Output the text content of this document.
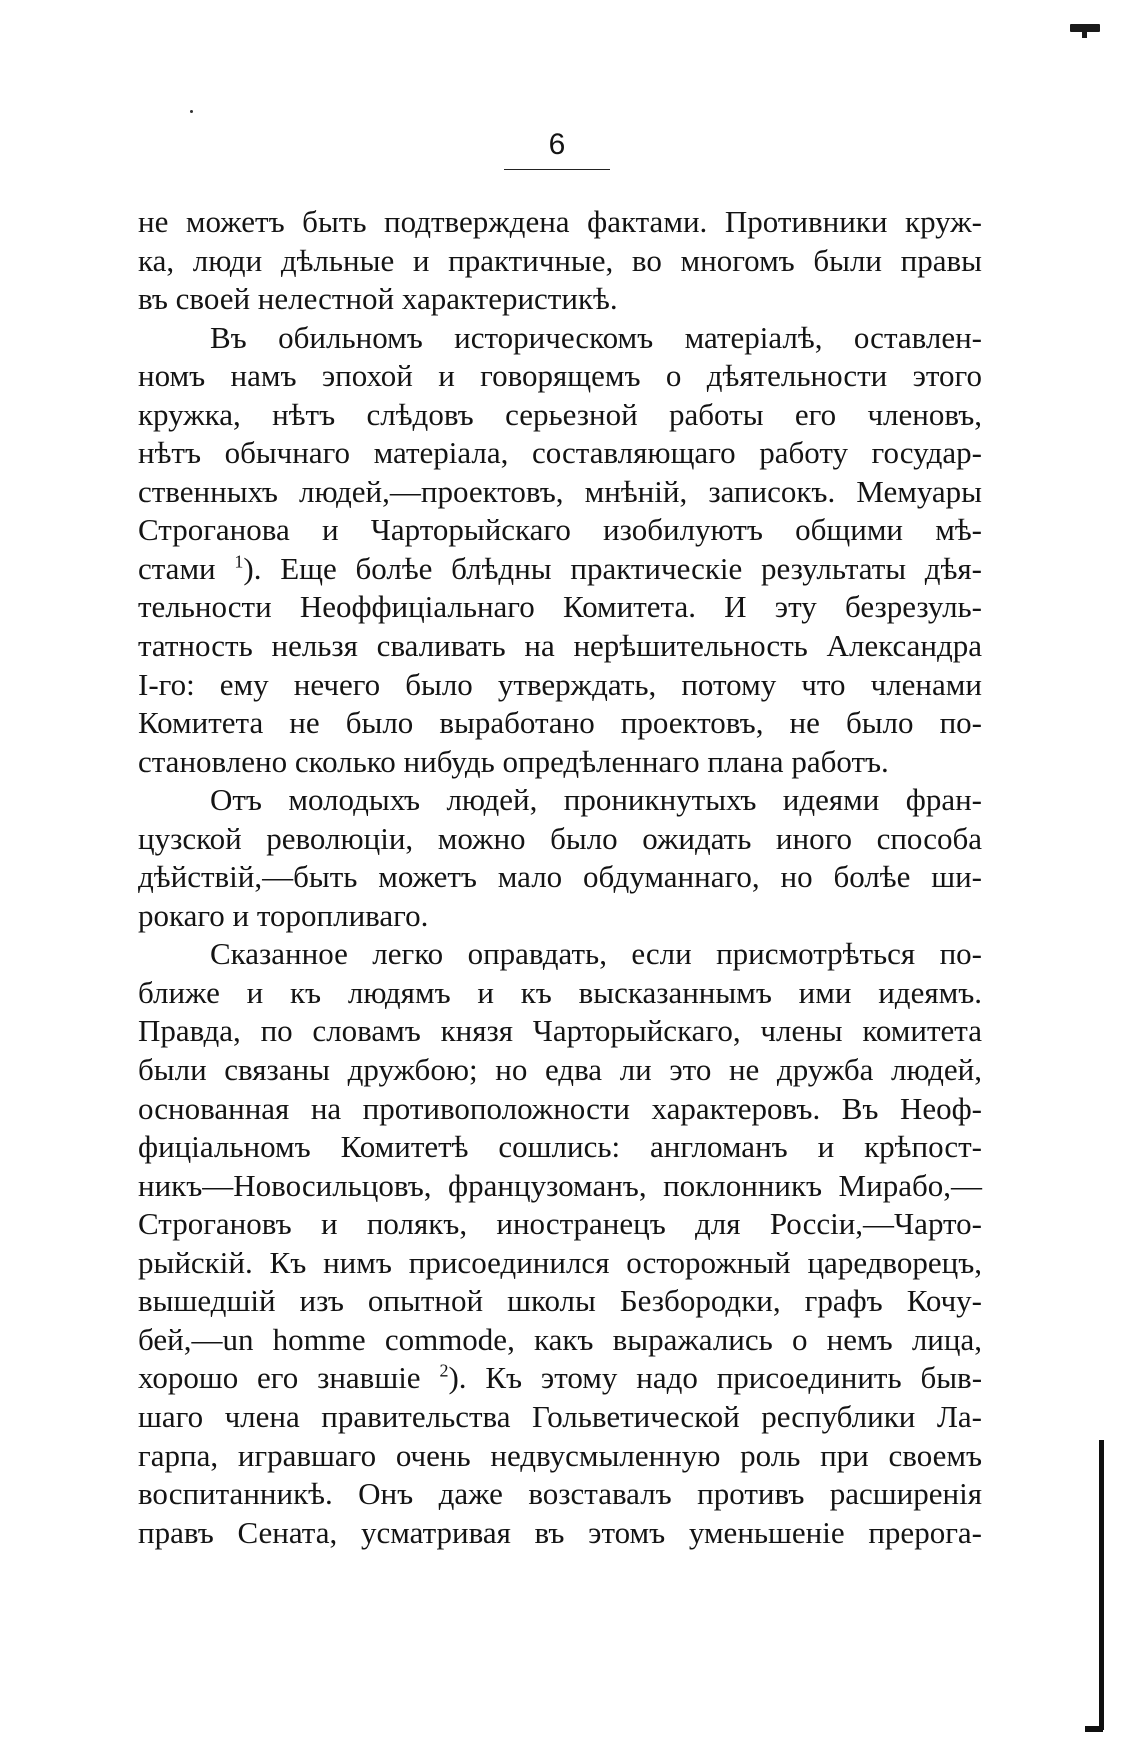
6
не можетъ быть подтверждена фактами. Противники круж-
ка, люди дѣльные и практичные, во многомъ были правы
въ своей нелестной характеристикѣ.
Въ обильномъ историческомъ матеріалѣ, оставлен-
номъ намъ эпохой и говорящемъ о дѣятельности этого
кружка, нѣтъ слѣдовъ серьезной работы его членовъ,
нѣтъ обычнаго матеріала, составляющаго работу государ-
ственныхъ людей,—проектовъ, мнѣній, записокъ. Мемуары
Строганова и Чарторыйскаго изобилуютъ общими мѣ-
стами $^1$). Еще болѣе блѣдны практическіе результаты дѣя-
тельности Неоффиціальнаго Комитета. И эту безрезуль-
татность нельзя сваливать на нерѣшительность Александра
I-го: ему нечего было утверждать, потому что членами
Комитета не было выработано проектовъ, не было по-
становлено сколько нибудь опредѣленнаго плана работъ.
Отъ молодыхъ людей, проникнутыхъ идеями фран-
цузской революціи, можно было ожидать иного способа
дѣйствій,—быть можетъ мало обдуманнаго, но болѣе ши-
рокаго и торопливаго.
Сказанное легко оправдать, если присмотрѣться по-
ближе и къ людямъ и къ высказаннымъ ими идеямъ.
Правда, по словамъ князя Чарторыйскаго, члены комитета
были связаны дружбою; но едва ли это не дружба людей,
основанная на противоположности характеровъ. Въ Неоф-
фиціальномъ Комитетѣ сошлись: англоманъ и крѣпост-
никъ—Новосильцовъ, французоманъ, поклонникъ Мирабо,—
Строгановъ и полякъ, иностранецъ для Россіи,—Чарто-
рыйскій. Къ нимъ присоединился осторожный царедворецъ,
вышедшій изъ опытной школы Безбородки, графъ Кочу-
бей,—un homme commode, какъ выражались о немъ лица,
хорошо его знавшіе $^2$). Къ этому надо присоединить быв-
шаго члена правительства Гольветической республики Ла-
гарпа, игравшаго очень недвусмыленную роль при своемъ
воспитанникѣ. Онъ даже возставалъ противъ расширенія
правъ Сената, усматривая въ этомъ уменьшеніе прерога-
